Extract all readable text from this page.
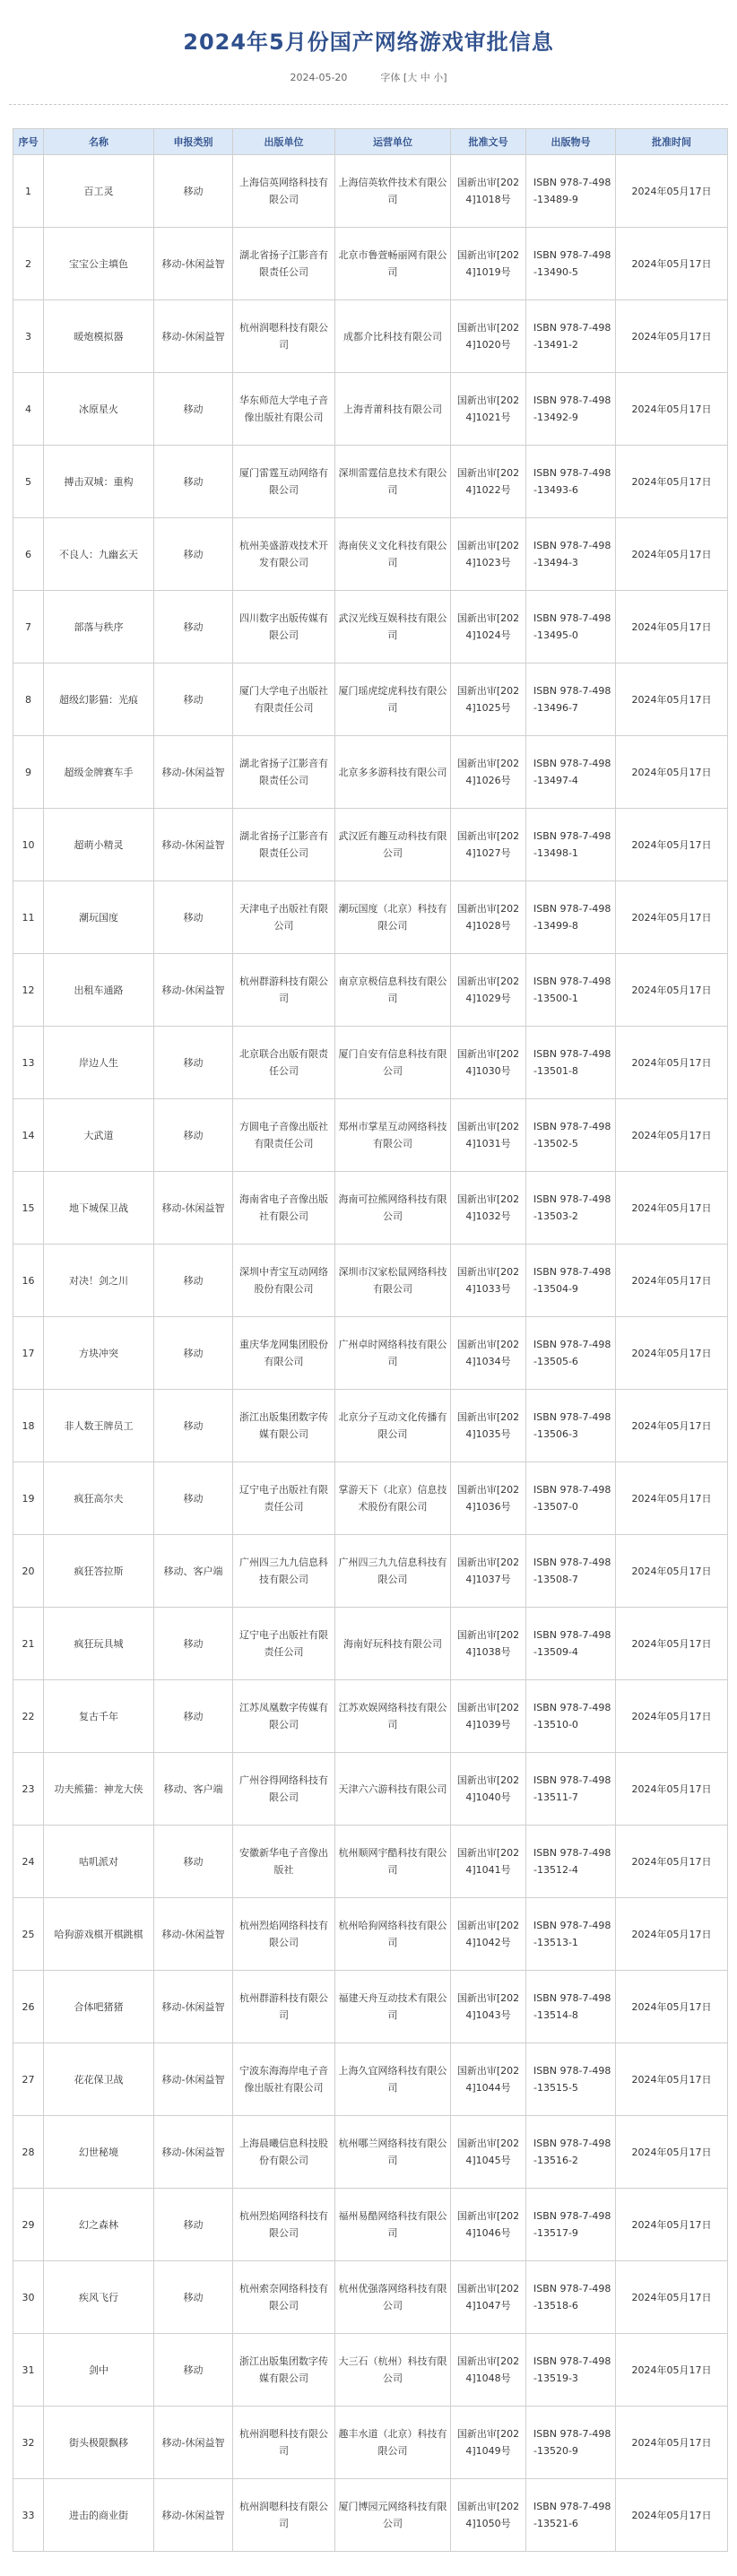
2024年5月份国产网络游戏审批信息
2024-05-20	字体 [大 中 小]
序号	名称	申报类别	出版单位	运营单位	批准文号	出版物号	批准时间
1	百工灵	移动	上海信英网络科技有限公司	上海信英软件技术有限公司	国新出审[2024]1018号	ISBN 978-7-498-13489-9	2024年05月17日
2	宝宝公主填色	移动-休闲益智	湖北省扬子江影音有限责任公司	北京市鲁萱畅丽网有限公司	国新出审[2024]1019号	ISBN 978-7-498-13490-5	2024年05月17日
3	暖炮模拟器	移动-休闲益智	杭州润嗯科技有限公司	成都介比科技有限公司	国新出审[2024]1020号	ISBN 978-7-498-13491-2	2024年05月17日
4	冰原星火	移动	华东师范大学电子音像出版社有限公司	上海青莆科技有限公司	国新出审[2024]1021号	ISBN 978-7-498-13492-9	2024年05月17日
5	搏击双城：重构	移动	厦门雷霆互动网络有限公司	深圳雷霆信息技术有限公司	国新出审[2024]1022号	ISBN 978-7-498-13493-6	2024年05月17日
6	不良人：九幽玄天	移动	杭州美盛游戏技术开发有限公司	海南侠义文化科技有限公司	国新出审[2024]1023号	ISBN 978-7-498-13494-3	2024年05月17日
7	部落与秩序	移动	四川数字出版传媒有限公司	武汉光线互娱科技有限公司	国新出审[2024]1024号	ISBN 978-7-498-13495-0	2024年05月17日
8	超级幻影猫：光痕	移动	厦门大学电子出版社有限责任公司	厦门瑶虎绽虎科技有限公司	国新出审[2024]1025号	ISBN 978-7-498-13496-7	2024年05月17日
9	超级金牌赛车手	移动-休闲益智	湖北省扬子江影音有限责任公司	北京多多游科技有限公司	国新出审[2024]1026号	ISBN 978-7-498-13497-4	2024年05月17日
10	超萌小精灵	移动-休闲益智	湖北省扬子江影音有限责任公司	武汉匠有趣互动科技有限公司	国新出审[2024]1027号	ISBN 978-7-498-13498-1	2024年05月17日
11	潮玩国度	移动	天津电子出版社有限公司	潮玩国度（北京）科技有限公司	国新出审[2024]1028号	ISBN 978-7-498-13499-8	2024年05月17日
12	出租车通路	移动-休闲益智	杭州群游科技有限公司	南京京极信息科技有限公司	国新出审[2024]1029号	ISBN 978-7-498-13500-1	2024年05月17日
13	岸边人生	移动	北京联合出版有限责任公司	厦门自安有信息科技有限公司	国新出审[2024]1030号	ISBN 978-7-498-13501-8	2024年05月17日
14	大武道	移动	方圆电子音像出版社有限责任公司	郑州市掌星互动网络科技有限公司	国新出审[2024]1031号	ISBN 978-7-498-13502-5	2024年05月17日
15	地下城保卫战	移动-休闲益智	海南省电子音像出版社有限公司	海南可拉熊网络科技有限公司	国新出审[2024]1032号	ISBN 978-7-498-13503-2	2024年05月17日
16	对决！剑之川	移动	深圳中青宝互动网络股份有限公司	深圳市汉家松鼠网络科技有限公司	国新出审[2024]1033号	ISBN 978-7-498-13504-9	2024年05月17日
17	方块冲突	移动	重庆华龙网集团股份有限公司	广州卓时网络科技有限公司	国新出审[2024]1034号	ISBN 978-7-498-13505-6	2024年05月17日
18	非人数王牌员工	移动	浙江出版集团数字传媒有限公司	北京分子互动文化传播有限公司	国新出审[2024]1035号	ISBN 978-7-498-13506-3	2024年05月17日
19	疯狂高尔夫	移动	辽宁电子出版社有限责任公司	掌游天下（北京）信息技术股份有限公司	国新出审[2024]1036号	ISBN 978-7-498-13507-0	2024年05月17日
20	疯狂答拉斯	移动、客户端	广州四三九九信息科技有限公司	广州四三九九信息科技有限公司	国新出审[2024]1037号	ISBN 978-7-498-13508-7	2024年05月17日
21	疯狂玩具城	移动	辽宁电子出版社有限责任公司	海南好玩科技有限公司	国新出审[2024]1038号	ISBN 978-7-498-13509-4	2024年05月17日
22	复古千年	移动	江苏凤凰数字传媒有限公司	江苏欢娱网络科技有限公司	国新出审[2024]1039号	ISBN 978-7-498-13510-0	2024年05月17日
23	功夫熊猫：神龙大侠	移动、客户端	广州谷得网络科技有限公司	天津六六游科技有限公司	国新出审[2024]1040号	ISBN 978-7-498-13511-7	2024年05月17日
24	咕叽派对	移动	安徽新华电子音像出版社	杭州顺网宇酷科技有限公司	国新出审[2024]1041号	ISBN 978-7-498-13512-4	2024年05月17日
25	哈狗游戏棋开棋跳棋	移动-休闲益智	杭州烈焰网络科技有限公司	杭州哈狗网络科技有限公司	国新出审[2024]1042号	ISBN 978-7-498-13513-1	2024年05月17日
26	合体吧猪猪	移动-休闲益智	杭州群游科技有限公司	福建天舟互动技术有限公司	国新出审[2024]1043号	ISBN 978-7-498-13514-8	2024年05月17日
27	花花保卫战	移动-休闲益智	宁波东海海岸电子音像出版社有限公司	上海久宜网络科技有限公司	国新出审[2024]1044号	ISBN 978-7-498-13515-5	2024年05月17日
28	幻世秘境	移动-休闲益智	上海晨曦信息科技股份有限公司	杭州哪兰网络科技有限公司	国新出审[2024]1045号	ISBN 978-7-498-13516-2	2024年05月17日
29	幻之森林	移动	杭州烈焰网络科技有限公司	福州易酷网络科技有限公司	国新出审[2024]1046号	ISBN 978-7-498-13517-9	2024年05月17日
30	疾风飞行	移动	杭州索奈网络科技有限公司	杭州优强落网络科技有限公司	国新出审[2024]1047号	ISBN 978-7-498-13518-6	2024年05月17日
31	剑中	移动	浙江出版集团数字传媒有限公司	大三石（杭州）科技有限公司	国新出审[2024]1048号	ISBN 978-7-498-13519-3	2024年05月17日
32	街头极限飘移	移动-休闲益智	杭州润嗯科技有限公司	趣丰水道（北京）科技有限公司	国新出审[2024]1049号	ISBN 978-7-498-13520-9	2024年05月17日
33	进击的商业街	移动-休闲益智	杭州润嗯科技有限公司	厦门博园元网络科技有限公司	国新出审[2024]1050号	ISBN 978-7-498-13521-6	2024年05月17日
